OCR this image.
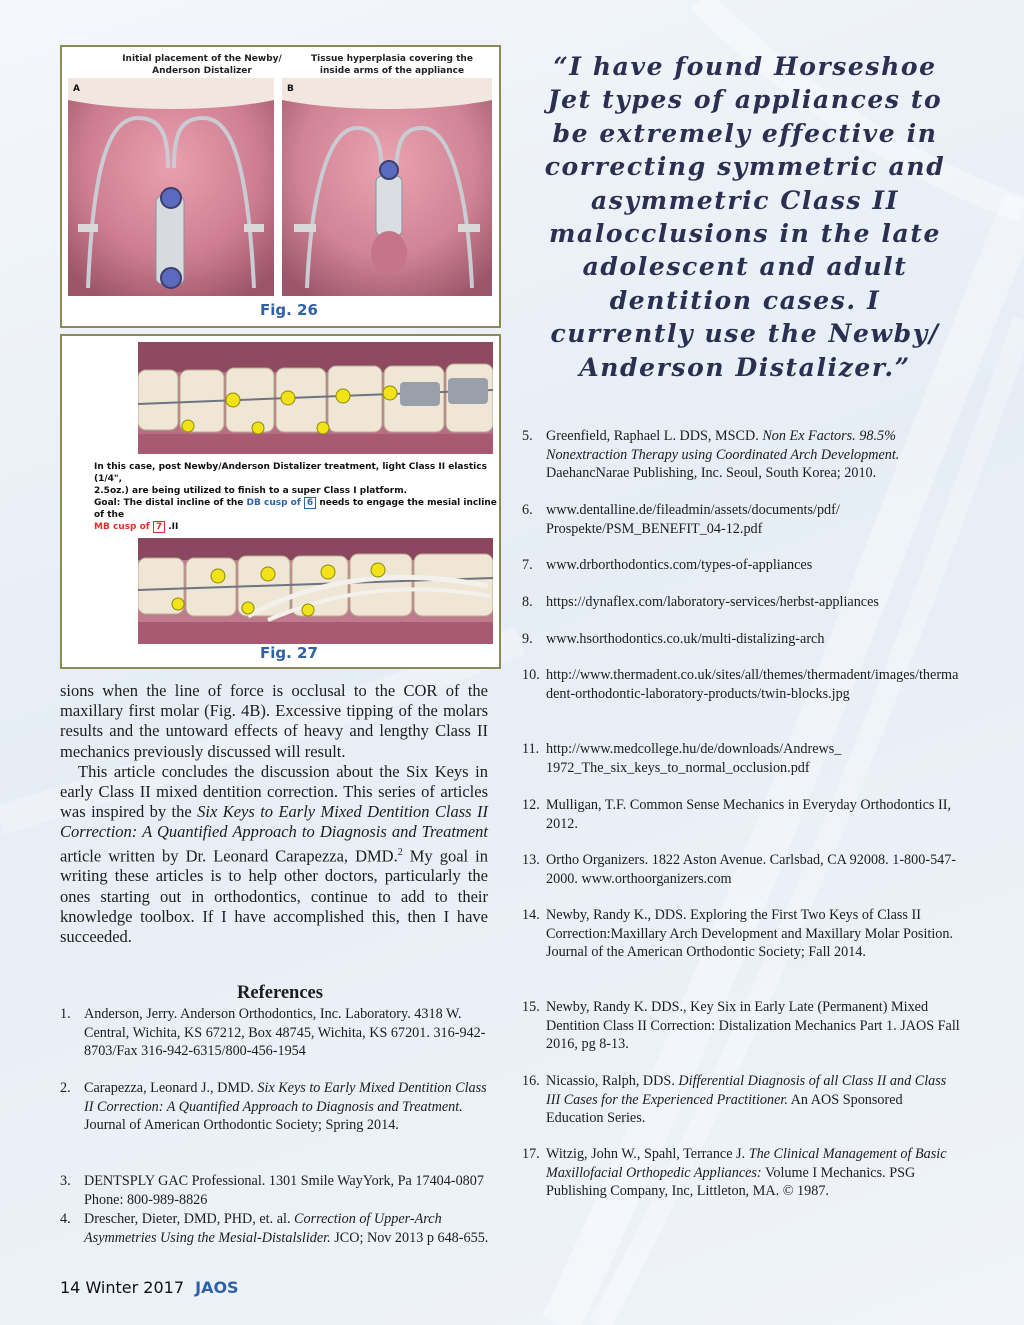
Initial placement of the Newby/
Anderson Distalizer
Tissue hyperplasia covering the
inside arms of the appliance
A	B
Fig. 26
In this case, post Newby/Anderson Distalizer treatment, light Class II elastics (1/4",
2.5oz.) are being utilized to finish to a super Class I platform.
Goal: The distal incline of the DB cusp of 6 needs to engage the mesial incline of the
MB cusp of 7 .II
Fig. 27
“I have found Horseshoe Jet types of appliances to be extremely effective in correcting symmetric and asymmetric Class II malocclusions in the late adolescent and adult dentition cases. I currently use the Newby/ Anderson Distalizer.”

sions when the line of force is occlusal to the COR of the maxillary first molar (Fig. 4B). Excessive tipping of the molars results and the untoward effects of heavy and lengthy Class II mechanics previously discussed will result.

This article concludes the discussion about the Six Keys in early Class II mixed dentition correction. This series of articles was inspired by the Six Keys to Early Mixed Dentition Class II Correction: A Quantified Approach to Diagnosis and Treatment article written by Dr. Leonard Carapezza, DMD.$^2$ My goal in writing these articles is to help other doctors, particularly the ones starting out in orthodontics, continue to add to their knowledge toolbox. If I have accomplished this, then I have succeeded.

References
1. Anderson, Jerry. Anderson Orthodontics, Inc. Laboratory. 4318 W. Central, Wichita, KS 67212, Box 48745, Wichita, KS 67201. 316-942-8703/Fax 316-942-6315/800-456-1954
2. Carapezza, Leonard J., DMD. Six Keys to Early Mixed Dentition Class II Correction: A Quantified Approach to Diagnosis and Treatment. Journal of American Orthodontic Society; Spring 2014.
3. DENTSPLY GAC Professional. 1301 Smile WayYork, Pa 17404-0807 Phone: 800-989-8826
4. Drescher, Dieter, DMD, PHD, et. al. Correction of Upper-Arch Asymmetries Using the Mesial-Distalslider. JCO; Nov 2013 p 648-655.
5. Greenfield, Raphael L. DDS, MSCD. Non Ex Factors. 98.5% Nonextraction Therapy using Coordinated Arch Development. DaehancNarae Publishing, Inc. Seoul, South Korea; 2010.
6. www.dentalline.de/fileadmin/assets/documents/pdf/ Prospekte/PSM_BENEFIT_04-12.pdf
7. www.drborthodontics.com/types-of-appliances
8. https://dynaflex.com/laboratory-services/herbst-appliances
9. www.hsorthodontics.co.uk/multi-distalizing-arch
10. http://www.thermadent.co.uk/sites/all/themes/thermadent/images/thermadent-orthodontic-laboratory-products/twin-blocks.jpg
11. http://www.medcollege.hu/de/downloads/Andrews_ 1972_The_six_keys_to_normal_occlusion.pdf
12. Mulligan, T.F. Common Sense Mechanics in Everyday Orthodontics II, 2012.
13. Ortho Organizers. 1822 Aston Avenue. Carlsbad, CA 92008. 1-800-547-2000. www.orthoorganizers.com
14. Newby, Randy K., DDS. Exploring the First Two Keys of Class II Correction:Maxillary Arch Development and Maxillary Molar Position. Journal of the American Orthodontic Society; Fall 2014.
15. Newby, Randy K. DDS., Key Six in Early Late (Permanent) Mixed Dentition Class II Correction: Distalization Mechanics Part 1. JAOS Fall 2016, pg 8-13.
16. Nicassio, Ralph, DDS. Differential Diagnosis of all Class II and Class III Cases for the Experienced Practitioner. An AOS Sponsored Education Series.
17. Witzig, John W., Spahl, Terrance J. The Clinical Management of Basic Maxillofacial Orthopedic Appliances: Volume I Mechanics. PSG Publishing Company, Inc, Littleton, MA. © 1987.
14 Winter 2017 JAOS
